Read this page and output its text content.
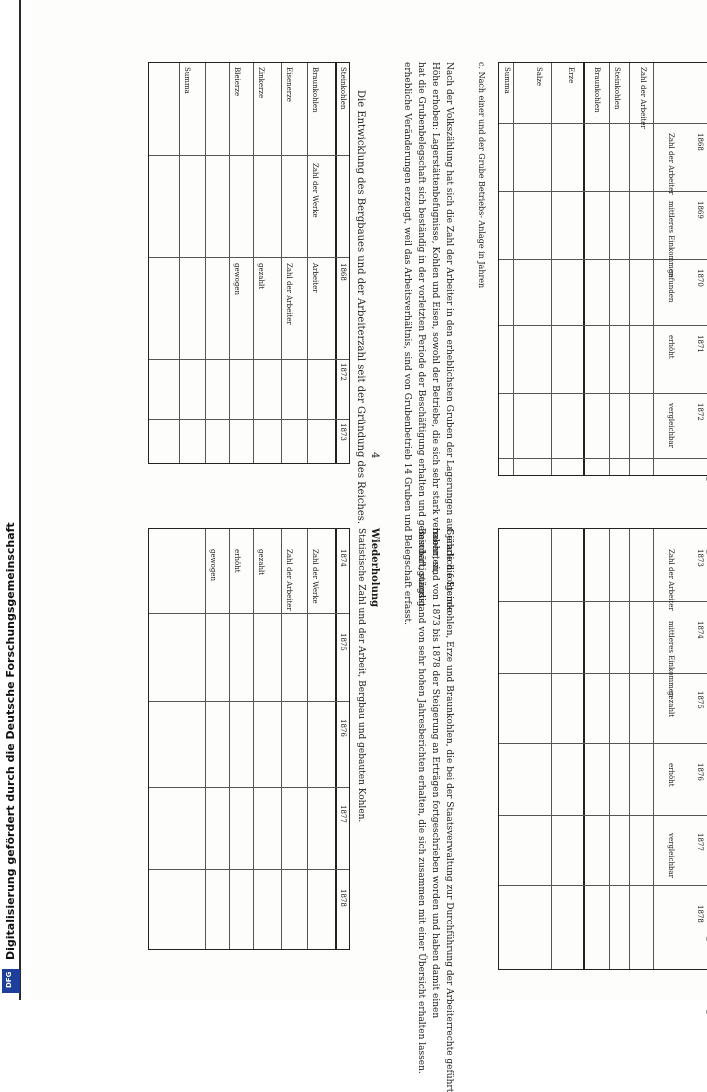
Digitalisierung gefördert durch die Deutsche Forschungsgemeinschaft
DFG
1868
1869
1870
1871
1872
Zahl der Arbeiter
Steinkohlen
Braunkohlen
Erze
Salze
Summa
Zahl der Arbeiter
mittleres Einkommen
gefunden
erhöht
vergleichbar
c. Nach einer und der Grube Betriebs- Anlage in Jahren
Nach der Volkszählung hat sich die Zahl der Arbeiter in den erheblichsten Gruben der Lagerungen auf jährlich folgende
Höhe erhoben: Lagerstättenbefugnisse, Kohlen und Eisen, sowohl der Betriebe, die sich sehr stark vermehrten,
hat die Grubenbelegschaft sich beständig in der vorletzten Periode der Beschäftigung erhalten und gemindert, ständig
erhebliche Veränderungen erzeugt, weil das Arbeitsverhältnis, sind von Grubenbetrieb 14 Gruben und Belegschaft erfasst.
Die Entwicklung des Bergbaues und der Arbeiterzahl seit der Gründung des Reiches. 4
Steinkohlen
Braunkohlen
Eisenerze
Zinkerze
Bleierze
Summa
1868
1872
1873
Zahl der Werke
Arbeiter
Zahl der Arbeiter
gezahlt
gewogen
1873
1874
1875
1876
1877
1878
Zahl der Arbeiter
mittleres Einkommen
gezahlt
erhöht
vergleichbar
Gerade die Steinkohlen, Erze und Braunkohlen, die bei der Staatsverwaltung zur Durchführung der Arbeiterrechte geführt
haben, sind von 1873 bis 1878 der Steigerung an Erträgen fortgeschrieben worden und haben damit einen
Beschäftigungsstand von sehr hohen Jahresberichten erhalten, die sich zusammen mit einer Übersicht erhalten lassen.
Wiederholung
Statistische Zahl und der Arbeit, Bergbau und gebauten Kohlen.
1874
1875
1876
1877
1878
Zahl der Werke
Zahl der Arbeiter
gezahlt
erhöht
gewogen
